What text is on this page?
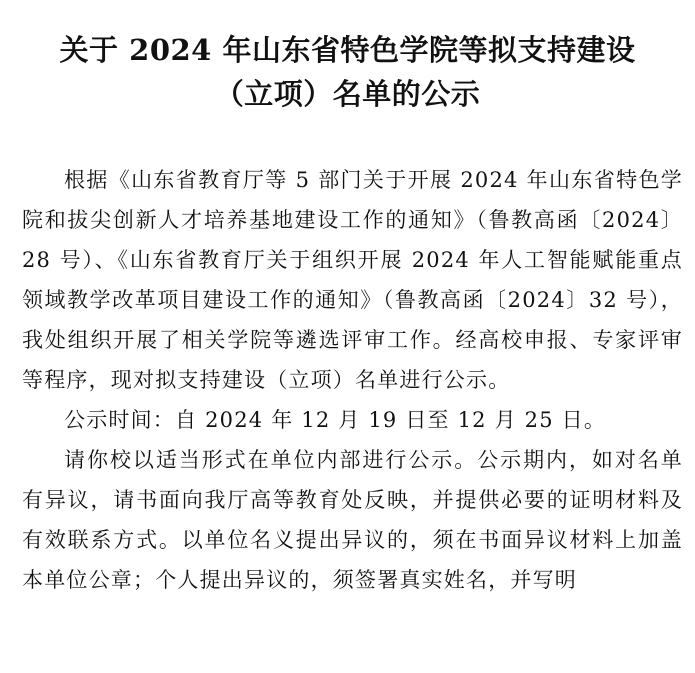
关于 2024 年山东省特色学院等拟支持建设
（立项）名单的公示

根据《山东省教育厅等 5 部门关于开展 2024 年山东省特色学院和拔尖创新人才培养基地建设工作的通知》（鲁教高函〔2024〕28 号）、《山东省教育厅关于组织开展 2024 年人工智能赋能重点领域教学改革项目建设工作的通知》（鲁教高函〔2024〕32 号），我处组织开展了相关学院等遴选评审工作。经高校申报、专家评审等程序，现对拟支持建设（立项）名单进行公示。

公示时间：自 2024 年 12 月 19 日至 12 月 25 日。

请你校以适当形式在单位内部进行公示。公示期内，如对名单有异议，请书面向我厅高等教育处反映，并提供必要的证明材料及有效联系方式。以单位名义提出异议的，须在书面异议材料上加盖本单位公章；个人提出异议的，须签署真实姓名，并写明
